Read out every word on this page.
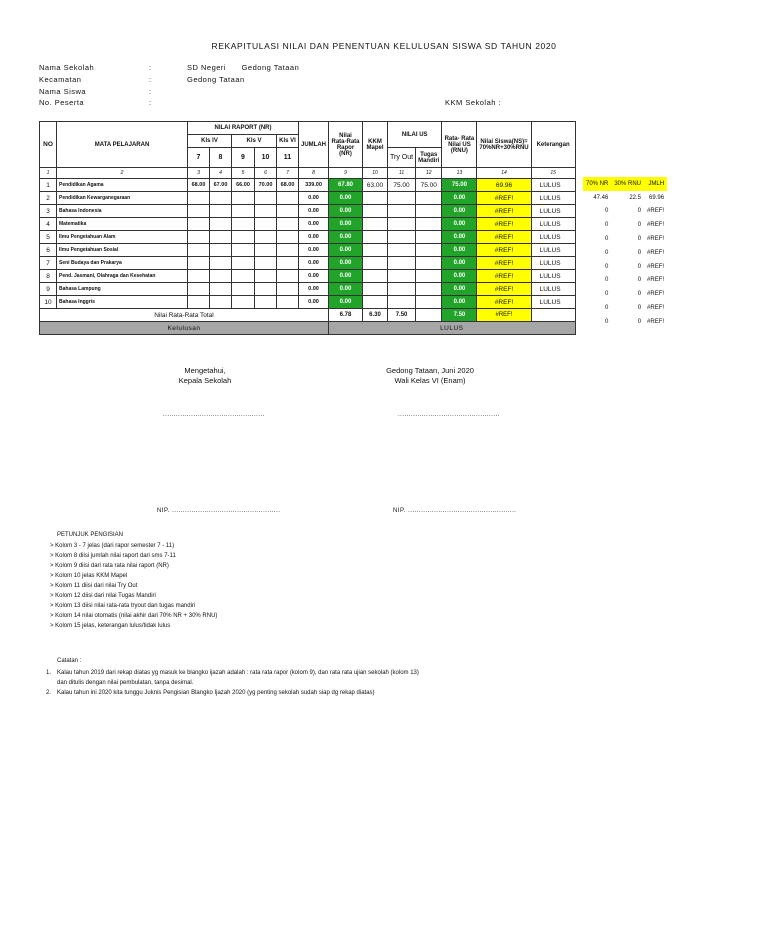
REKAPITULASI NILAI DAN PENENTUAN KELULUSAN SISWA SD TAHUN 2020
Nama Sekolah	:	SD Negeri      Gedong Tataan
Kecamatan	:	Gedong Tataan
Nama Siswa	:
No. Peserta	:	KKM Sekolah :
NO	MATA PELAJARAN	NILAI RAPORT (NR)					JUMLAH	Nilai Rata-Rata Rapor (NR)	KKM Mapel	NILAI US		Rata- Rata Nilai US (RNU)	Nilai Siswa(NS)= 70%NR+30%RNU	Keterangan
		Kls IV		Kls V		Kls VI								
		7	8	9	10	11				Try Out	Tugas Mandiri			
1	2	3	4	5	6	7	8	9	10	11	12	13	14	15
1	Pendidikan Agama	68.00	67.00	66.00	70.00	68.00	339.00	67.80	63.00	75.00	75.00	75.00	69.96	LULUS
2	Pendidikan Kewarganegaraan						0.00	0.00				0.00	#REF!	LULUS
3	Bahasa Indonesia						0.00	0.00				0.00	#REF!	LULUS
4	Matematika						0.00	0.00				0.00	#REF!	LULUS
5	Ilmu Pengetahuan Alam						0.00	0.00				0.00	#REF!	LULUS
6	Ilmu Pengetahuan Sosial						0.00	0.00				0.00	#REF!	LULUS
7	Seni Budaya dan Prakarya						0.00	0.00				0.00	#REF!	LULUS
8	Pend. Jasmani, Olahraga dan Kesehatan						0.00	0.00				0.00	#REF!	LULUS
9	Bahasa Lampung						0.00	0.00				0.00	#REF!	LULUS
10	Bahasa Inggris						0.00	0.00				0.00	#REF!	LULUS
Nilai Rata-Rata Total								6.78	6.30	7.50		7.50	#REF!	
Kelulusan								LULUS						
70% NR	30% RNU	JMLH
47.46	22.5	69.96
0	0	#REF!
0	0	#REF!
0	0	#REF!
0	0	#REF!
0	0	#REF!
0	0	#REF!
0	0	#REF!
0	0	#REF!
0	0	#REF!
Mengetahui,
Kepala Sekolah
Gedong Tataan, Juni 2020
Wali Kelas VI (Enam)
...............................................	...............................................
NIP. ..................................................	NIP. ..................................................
PETUNJUK PENGISIAN
> Kolom 3 - 7 jelas (dari rapor semester 7 - 11)
> Kolom 8 diisi jumlah nilai raport dari sms 7-11
> Kolom 9 diisi dari rata rata nilai raport (NR)
> Kolom 10 jelas KKM Mapel
> Kolom 11 diisi dari nilai Try Out
> Kolom 12 diisi dari nilai Tugas Mandiri
> Kolom 13 diisi nilai rata-rata tryout dan tugas mandiri
> Kolom 14 nilai otomatis (nilai akhir dari 70% NR + 30% RNU)
> Kolom 15 jelas, keterangan lulus/tidak lulus
Catatan :
1. Kalau tahun 2019 dari rekap diatas yg masuk ke blangko ijazah adalah : rata rata rapor (kolom 9), dan rata rata ujian sekolah (kolom 13)
dan ditulis dengan nilai pembulatan, tanpa desimal.
2. Kalau tahun ini 2020 kita tunggu Juknis Pengisian Blangko Ijazah 2020 (yg penting sekolah sudah siap dg rekap diatas)
